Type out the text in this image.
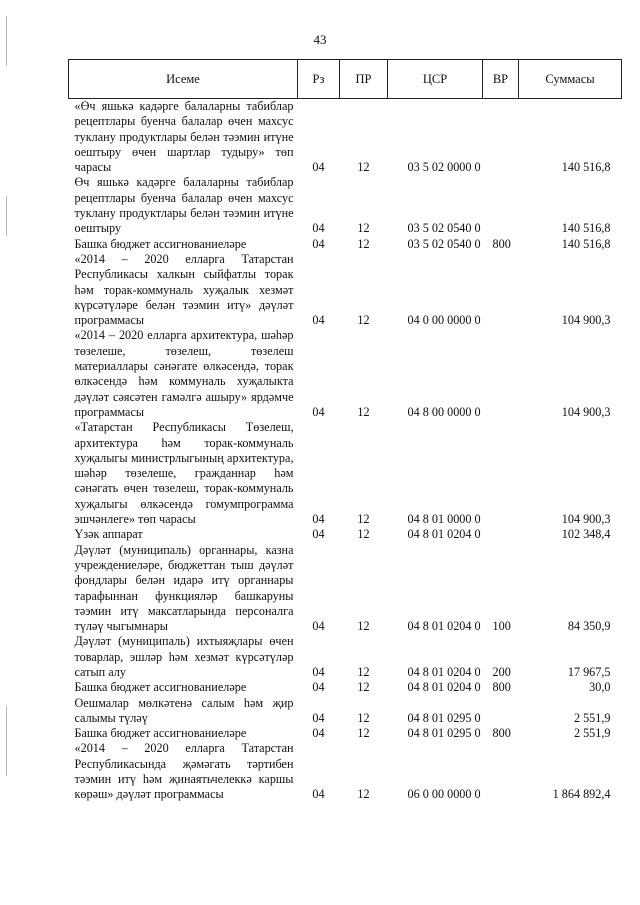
43
Исеме	Рз	ПР	ЦСР	ВР	Суммасы
«Өч яшькә кадәрге балаларны табиблар рецептлары буенча балалар өчен махсус туклану продуктлары белән тәэмин итүне оештыру өчен шартлар тудыру» төп чарасы	04	12	03 5 02 0000 0		140 516,8
Өч яшькә кадәрге балаларны табиблар рецептлары буенча балалар өчен махсус туклану продуктлары белән тәэмин итүне оештыру	04	12	03 5 02 0540 0		140 516,8
Башка бюджет ассигнованиеләре	04	12	03 5 02 0540 0	800	140 516,8
«2014 – 2020 елларга Татарстан Республикасы халкын сыйфатлы торак һәм торак-коммуналь хуҗалык хезмәт күрсәтүләре белән тәэмин итү» дәүләт программасы	04	12	04 0 00 0000 0		104 900,3
«2014 – 2020 елларга архитектура, шәһәр төзелеше, төзелеш, төзелеш материаллары сәнәгате өлкәсендә, торак өлкәсендә һәм коммуналь хуҗалыкта дәүләт сәясәтен гамәлгә ашыру» ярдәмче программасы	04	12	04 8 00 0000 0		104 900,3
«Татарстан Республикасы Төзелеш, архитектура һәм торак-коммуналь хуҗалыгы министрлыгының архитектура, шәһәр төзелеше, гражданнар һәм сәнәгать өчен төзелеш, торак-коммуналь хуҗалыгы өлкәсендә гомумпрограмма эшчәнлеге» төп чарасы	04	12	04 8 01 0000 0		104 900,3
Үзәк аппарат	04	12	04 8 01 0204 0		102 348,4
Дәүләт (муниципаль) органнары, казна учреждениеләре, бюджеттан тыш дәүләт фондлары белән идарә итү органнары тарафыннан функцияләр башкаруны тәэмин итү максатларында персоналга түләү чыгымнары	04	12	04 8 01 0204 0	100	84 350,9
Дәүләт (муниципаль) ихтыяҗлары өчен товарлар, эшләр һәм хезмәт күрсәтүләр сатып алу	04	12	04 8 01 0204 0	200	17 967,5
Башка бюджет ассигнованиеләре	04	12	04 8 01 0204 0	800	30,0
Оешмалар мөлкәтенә салым һәм җир салымы түләү	04	12	04 8 01 0295 0		2 551,9
Башка бюджет ассигнованиеләре	04	12	04 8 01 0295 0	800	2 551,9
«2014 – 2020 елларга Татарстан Республикасында җәмәгать тәртибен тәэмин итү һәм җинаятьчелеккә каршы көрәш» дәүләт программасы	04	12	06 0 00 0000 0		1 864 892,4
